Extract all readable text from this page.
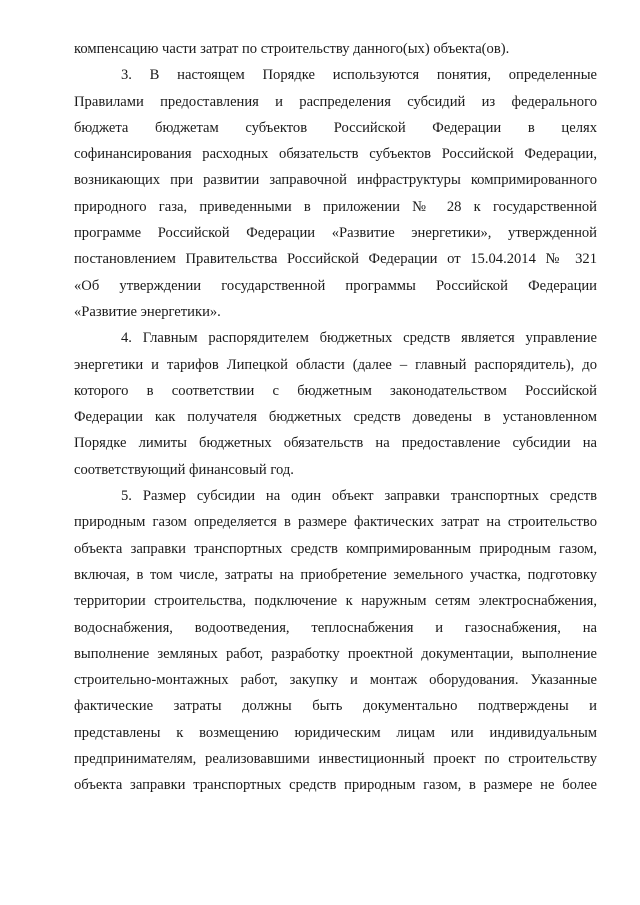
компенсацию части затрат по строительству данного(ых) объекта(ов).
3. В настоящем Порядке используются понятия, определенные
Правилами предоставления и распределения субсидий из федерального
бюджета бюджетам субъектов Российской Федерации в целях
софинансирования расходных обязательств субъектов Российской Федерации,
возникающих при развитии заправочной инфраструктуры компримированного
природного газа, приведенными в приложении № 28 к государственной
программе Российской Федерации «Развитие энергетики», утвержденной
постановлением Правительства Российской Федерации от 15.04.2014 № 321
«Об утверждении государственной программы Российской Федерации
«Развитие энергетики».
4. Главным распорядителем бюджетных средств является управление
энергетики и тарифов Липецкой области (далее – главный распорядитель), до
которого в соответствии с бюджетным законодательством Российской
Федерации как получателя бюджетных средств доведены в установленном
Порядке лимиты бюджетных обязательств на предоставление субсидии на
соответствующий финансовый год.
5. Размер субсидии на один объект заправки транспортных средств
природным газом определяется в размере фактических затрат на строительство
объекта заправки транспортных средств компримированным природным газом,
включая, в том числе, затраты на приобретение земельного участка, подготовку
территории строительства, подключение к наружным сетям электроснабжения,
водоснабжения, водоотведения, теплоснабжения и газоснабжения, на
выполнение земляных работ, разработку проектной документации, выполнение
строительно-монтажных работ, закупку и монтаж оборудования. Указанные
фактические затраты должны быть документально подтверждены и
представлены к возмещению юридическим лицам или индивидуальным
предпринимателям, реализовавшими инвестиционный проект по строительству
объекта заправки транспортных средств природным газом, в размере не более
